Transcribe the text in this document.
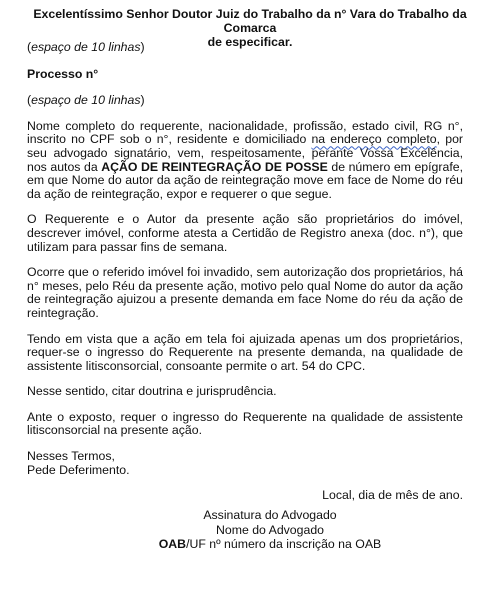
Excelentíssimo Senhor Doutor Juiz do Trabalho da n° Vara do Trabalho da Comarca
de especificar.

(espaço de 10 linhas)

Processo n°

(espaço de 10 linhas)

Nome completo do requerente, nacionalidade, profissão, estado civil, RG n°, inscrito no CPF sob o n°, residente e domiciliado na endereço completo, por seu advogado signatário, vem, respeitosamente, perante Vossa Excelência, nos autos da AÇÃO DE REINTEGRAÇÃO DE POSSE de número em epígrafe, em que Nome do autor da ação de reintegração move em face de Nome do réu da ação de reintegração, expor e requerer o que segue.

O Requerente e o Autor da presente ação são proprietários do imóvel, descrever imóvel, conforme atesta a Certidão de Registro anexa (doc. n°), que utilizam para passar fins de semana.

Ocorre que o referido imóvel foi invadido, sem autorização dos proprietários, há n° meses, pelo Réu da presente ação, motivo pelo qual Nome do autor da ação de reintegração ajuizou a presente demanda em face Nome do réu da ação de reintegração.

Tendo em vista que a ação em tela foi ajuizada apenas um dos proprietários, requer-se o ingresso do Requerente na presente demanda, na qualidade de assistente litisconsorcial, consoante permite o art. 54 do CPC.

Nesse sentido, citar doutrina e jurisprudência.

Ante o exposto, requer o ingresso do Requerente na qualidade de assistente litisconsorcial na presente ação.

Nesses Termos,

Pede Deferimento.

Local, dia de mês de ano.

Assinatura do Advogado

Nome do Advogado

OAB/UF nº número da inscrição na OAB
